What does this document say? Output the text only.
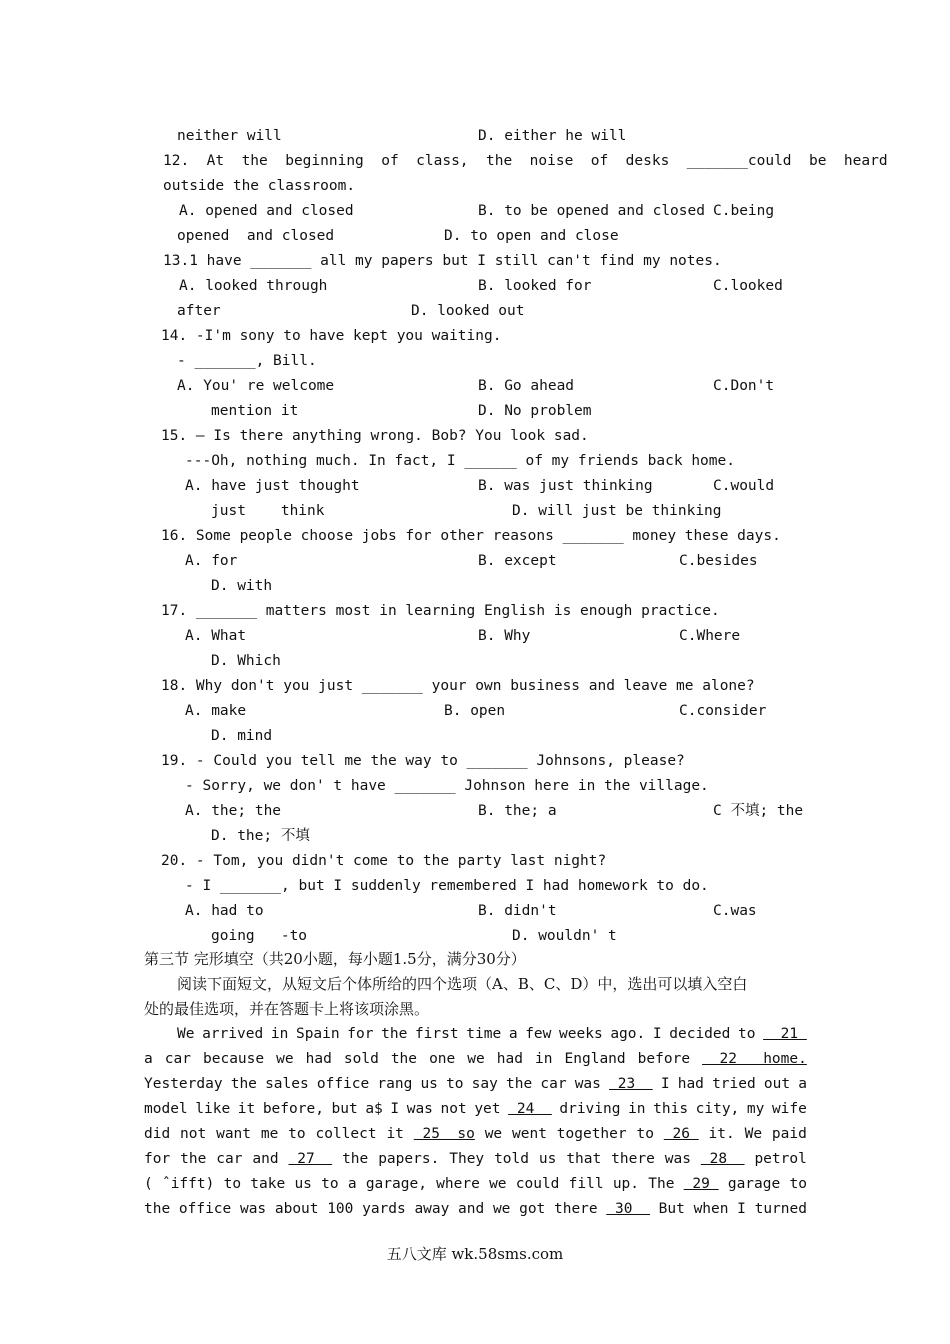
neither will	D. either he will
12.  At  the  beginning  of  class,  the  noise  of  desks  _______could  be  heard
outside the classroom.
A. opened and closed	B. to be opened and closed C.being
opened  and closed	D. to open and close
13.1 have _______ all my papers but I still can't find my notes.
A. looked through	B. looked for	C.looked
after	D. looked out
14. -I'm sony to have kept you waiting.
- _______, Bill.
A. You' re welcome	B. Go ahead	C.Don't
mention it	D. No problem
15. — Is there anything wrong. Bob? You look sad.
---Oh, nothing much. In fact, I ______ of my friends back home.
A. have just thought	B. was just thinking	C.would
just    think	D. will just be thinking
16. Some people choose jobs for other reasons _______ money these days.
A. for	B. except	C.besides
D. with
17. _______ matters most in learning English is enough practice.
A. What	B. Why	C.Where
D. Which
18. Why don't you just _______ your own business and leave me alone?
A. make	B. open	C.consider
D. mind
19. - Could you tell me the way to _______ Johnsons, please?
- Sorry, we don' t have _______ Johnson here in the village.
A. the; the	B. the; a	C 不填; the
D. the; 不填
20. - Tom, you didn't come to the party last night?
- I _______, but I suddenly remembered I had homework to do.
A. had to	B. didn't	C.was
going   -to	D. wouldn' t
第三节 完形填空（共20小题，每小题1.5分，满分30分）
阅读下面短文，从短文后个体所给的四个选项（A、B、C、D）中，选出可以填入空白
处的最佳选项，并在答题卡上将该项涂黑。
We arrived in Spain for the first time a few weeks ago. I decided to 21
a car because we had sold the one we had in England before 22   home.
Yesterday the sales office rang us to say the car was 23 I had tried out a
model like it before, but a$ I was not yet 24 driving in this city, my wife
did not want me to collect it 25  so we went together to 26 it. We paid
for the car and 27 the papers. They told us that there was 28 petrol
( ˆifft) to take us to a garage, where we could fill up. The 29 garage to
the office was about 100 yards away and we got there 30 But when I turned
五八文库 wk.58sms.com
